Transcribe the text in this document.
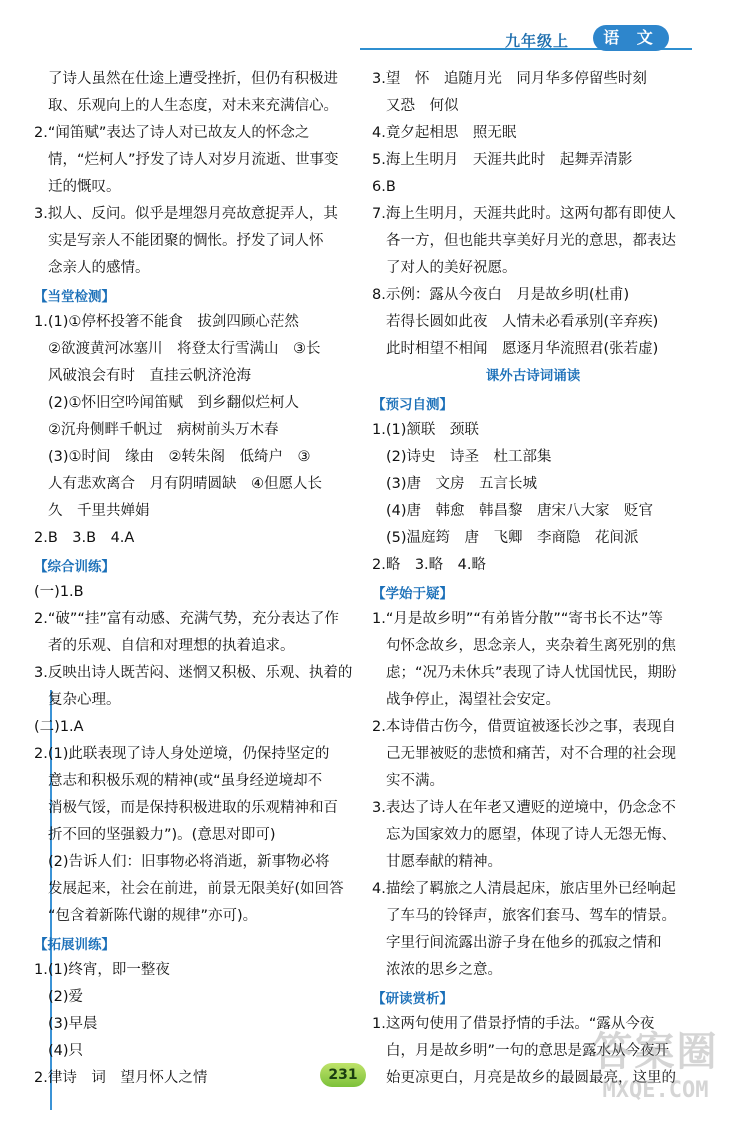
九年级上	语 文
了诗人虽然在仕途上遭受挫折，但仍有积极进
取、乐观向上的人生态度，对未来充满信心。
2.“闻笛赋”表达了诗人对已故友人的怀念之
情，“烂柯人”抒发了诗人对岁月流逝、世事变
迁的慨叹。
3.拟人、反问。似乎是埋怨月亮故意捉弄人，其
实是写亲人不能团聚的惆怅。抒发了词人怀
念亲人的感情。
【当堂检测】
1.(1)①停杯投箸不能食　拔剑四顾心茫然
②欲渡黄河冰塞川　将登太行雪满山　③长
风破浪会有时　直挂云帆济沧海
(2)①怀旧空吟闻笛赋　到乡翻似烂柯人
②沉舟侧畔千帆过　病树前头万木春
(3)①时间　缘由　②转朱阁　低绮户　③
人有悲欢离合　月有阴晴圆缺　④但愿人长
久　千里共婵娟
2.B　3.B　4.A
【综合训练】
(一)1.B
2.“破”“挂”富有动感、充满气势，充分表达了作
者的乐观、自信和对理想的执着追求。
3.反映出诗人既苦闷、迷惘又积极、乐观、执着的
复杂心理。
(二)1.A
2.(1)此联表现了诗人身处逆境，仍保持坚定的
意志和积极乐观的精神(或“虽身经逆境却不
消极气馁，而是保持积极进取的乐观精神和百
折不回的坚强毅力”)。(意思对即可)
(2)告诉人们：旧事物必将消逝，新事物必将
发展起来，社会在前进，前景无限美好(如回答
“包含着新陈代谢的规律”亦可)。
【拓展训练】
1.(1)终宵，即一整夜
(2)爱
(3)早晨
(4)只
2.律诗　词　望月怀人之情
3.望　怀　追随月光　同月华多停留些时刻
又恐　何似
4.竟夕起相思　照无眠
5.海上生明月　天涯共此时　起舞弄清影
6.B
7.海上生明月，天涯共此时。这两句都有即使人
各一方，但也能共享美好月光的意思，都表达
了对人的美好祝愿。
8.示例：露从今夜白　月是故乡明(杜甫)
若得长圆如此夜　人情未必看承别(辛弃疾)
此时相望不相闻　愿逐月华流照君(张若虚)
课外古诗词诵读
【预习自测】
1.(1)颔联　颈联
(2)诗史　诗圣　杜工部集
(3)唐　文房　五言长城
(4)唐　韩愈　韩昌黎　唐宋八大家　贬官
(5)温庭筠　唐　飞卿　李商隐　花间派
2.略　3.略　4.略
【学始于疑】
1.“月是故乡明”“有弟皆分散”“寄书长不达”等
句怀念故乡，思念亲人，夹杂着生离死别的焦
虑；“况乃未休兵”表现了诗人忧国忧民，期盼
战争停止，渴望社会安定。
2.本诗借古伤今，借贾谊被逐长沙之事，表现自
己无罪被贬的悲愤和痛苦，对不合理的社会现
实不满。
3.表达了诗人在年老又遭贬的逆境中，仍念念不
忘为国家效力的愿望，体现了诗人无怨无悔、
甘愿奉献的精神。
4.描绘了羁旅之人清晨起床，旅店里外已经响起
了车马的铃铎声，旅客们套马、驾车的情景。
字里行间流露出游子身在他乡的孤寂之情和
浓浓的思乡之意。
【研读赏析】
1.这两句使用了借景抒情的手法。“露从今夜
白，月是故乡明”一句的意思是露水从今夜开
始更凉更白，月亮是故乡的最圆最亮，这里的
231	答案圈
MXQE.COM
